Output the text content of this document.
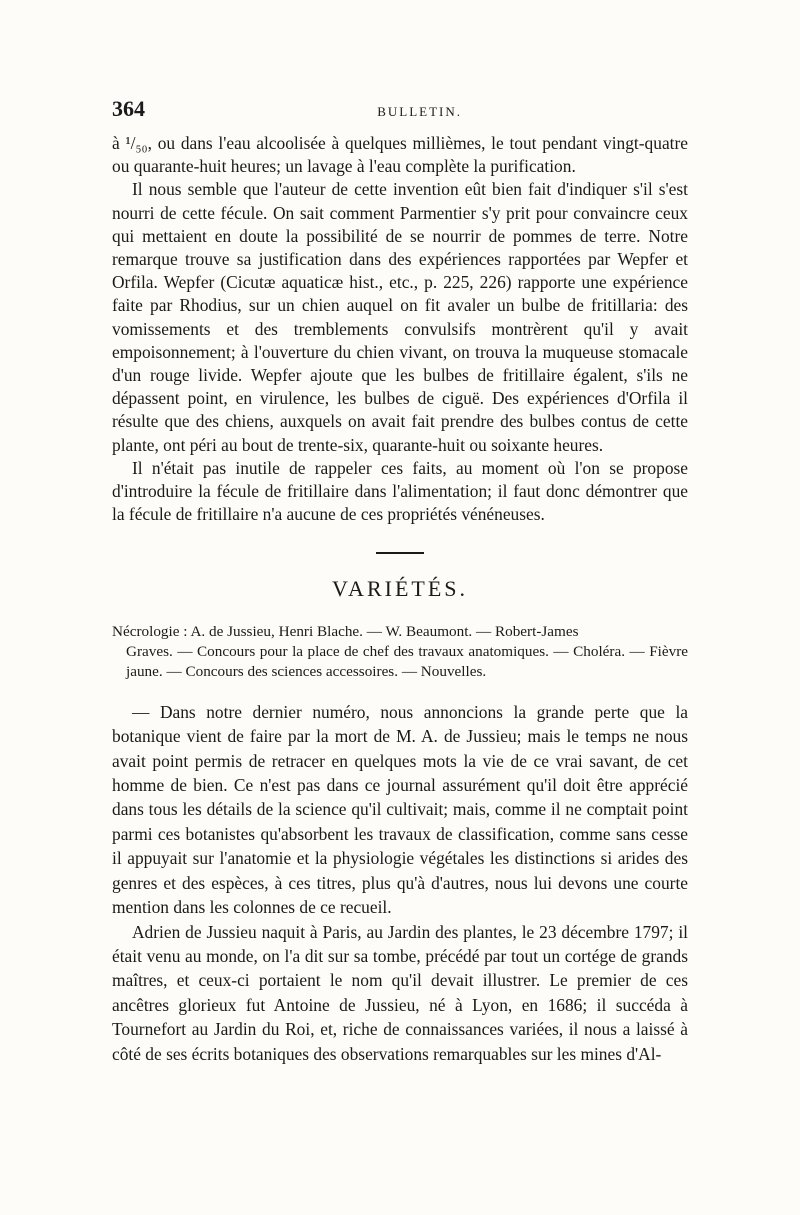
364	BULLETIN.

à ¹/₅₀, ou dans l'eau alcoolisée à quelques millièmes, le tout pendant vingt-quatre ou quarante-huit heures; un lavage à l'eau complète la purification.

Il nous semble que l'auteur de cette invention eût bien fait d'indiquer s'il s'est nourri de cette fécule. On sait comment Parmentier s'y prit pour convaincre ceux qui mettaient en doute la possibilité de se nourrir de pommes de terre. Notre remarque trouve sa justification dans des expériences rapportées par Wepfer et Orfila. Wepfer (Cicutæ aquaticæ hist., etc., p. 225, 226) rapporte une expérience faite par Rhodius, sur un chien auquel on fit avaler un bulbe de fritillaria: des vomissements et des tremblements convulsifs montrèrent qu'il y avait empoisonnement; à l'ouverture du chien vivant, on trouva la muqueuse stomacale d'un rouge livide. Wepfer ajoute que les bulbes de fritillaire égalent, s'ils ne dépassent point, en virulence, les bulbes de ciguë. Des expériences d'Orfila il résulte que des chiens, auxquels on avait fait prendre des bulbes contus de cette plante, ont péri au bout de trente-six, quarante-huit ou soixante heures.

Il n'était pas inutile de rappeler ces faits, au moment où l'on se propose d'introduire la fécule de fritillaire dans l'alimentation; il faut donc démontrer que la fécule de fritillaire n'a aucune de ces propriétés vénéneuses.

VARIÉTÉS.
Nécrologie : A. de Jussieu, Henri Blache. — W. Beaumont. — Robert-James
Graves. — Concours pour la place de chef des travaux anatomiques. — Choléra. — Fièvre jaune. — Concours des sciences accessoires. — Nouvelles.

— Dans notre dernier numéro, nous annoncions la grande perte que la botanique vient de faire par la mort de M. A. de Jussieu; mais le temps ne nous avait point permis de retracer en quelques mots la vie de ce vrai savant, de cet homme de bien. Ce n'est pas dans ce journal assurément qu'il doit être apprécié dans tous les détails de la science qu'il cultivait; mais, comme il ne comptait point parmi ces botanistes qu'absorbent les travaux de classification, comme sans cesse il appuyait sur l'anatomie et la physiologie végétales les distinctions si arides des genres et des espèces, à ces titres, plus qu'à d'autres, nous lui devons une courte mention dans les colonnes de ce recueil.

Adrien de Jussieu naquit à Paris, au Jardin des plantes, le 23 décembre 1797; il était venu au monde, on l'a dit sur sa tombe, précédé par tout un cortége de grands maîtres, et ceux-ci portaient le nom qu'il devait illustrer. Le premier de ces ancêtres glorieux fut Antoine de Jussieu, né à Lyon, en 1686; il succéda à Tournefort au Jardin du Roi, et, riche de connaissances variées, il nous a laissé à côté de ses écrits botaniques des observations remarquables sur les mines d'Al-
